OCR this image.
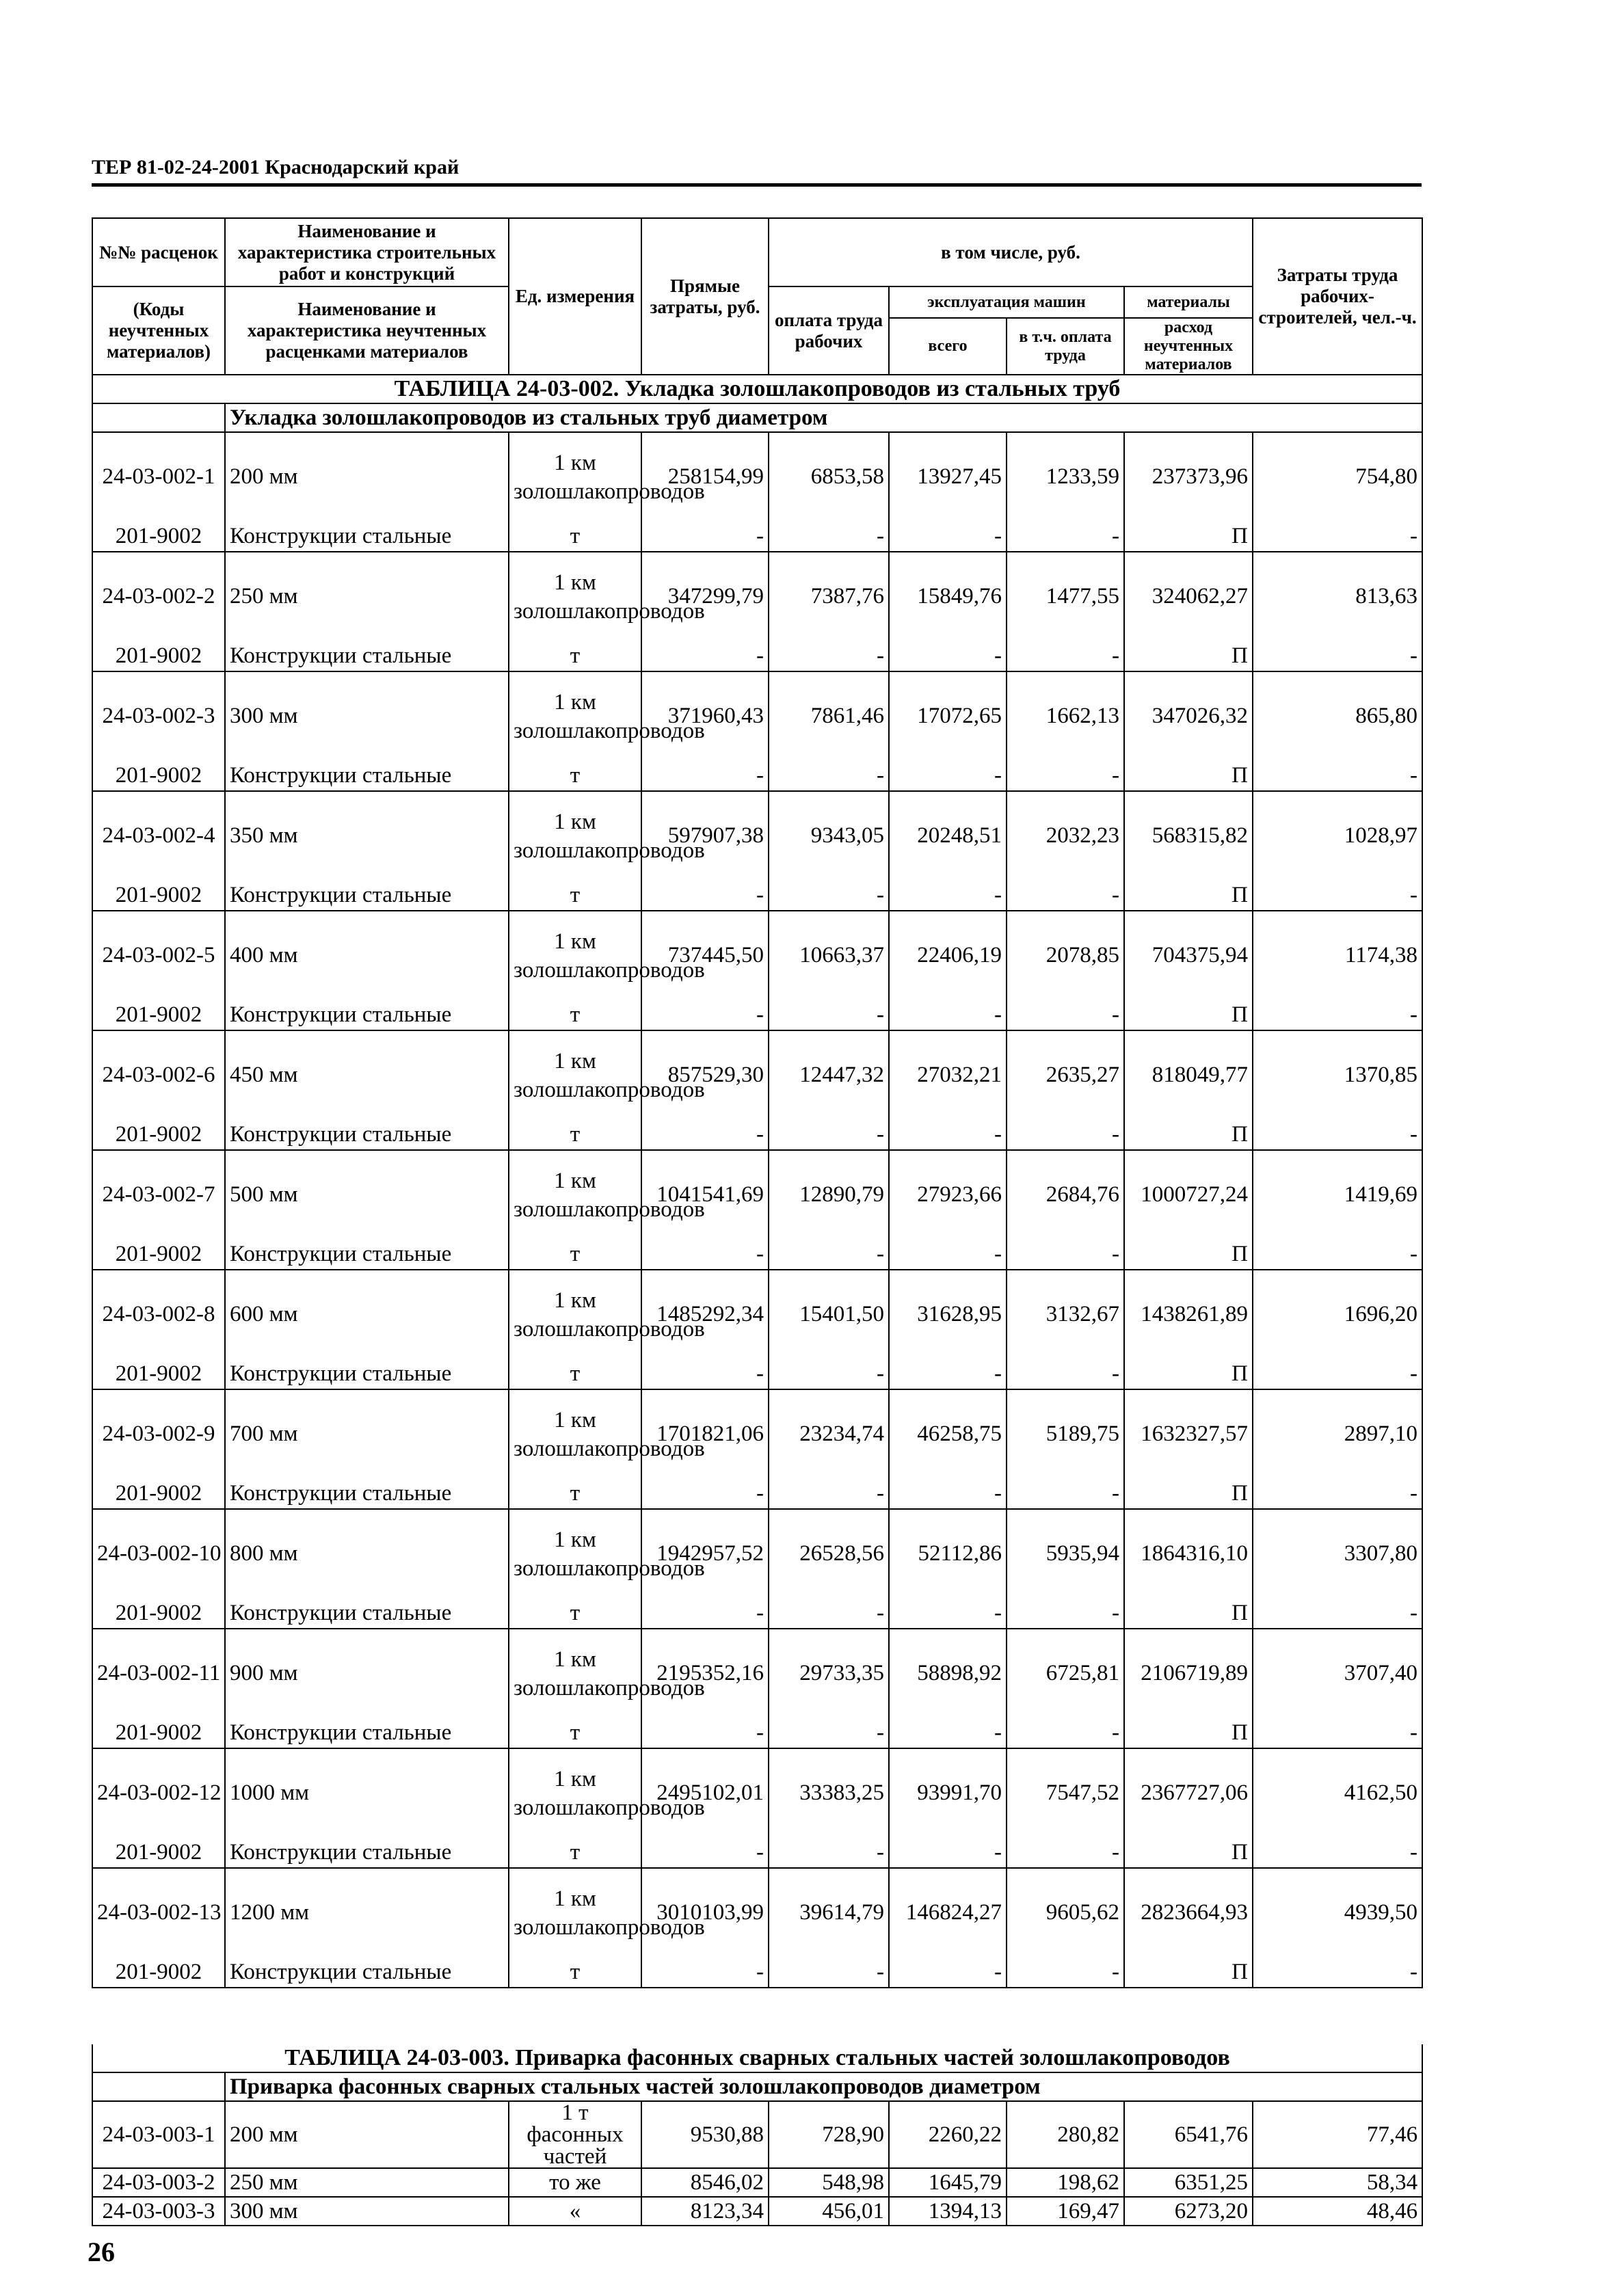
ТЕР 81-02-24-2001 Краснодарский край
№№ расценок	Наименование и характеристика строительных работ и конструкций	Ед. измерения	Прямые затраты, руб.	в том числе, руб.				Затраты труда рабочих-строителей, чел.-ч.
(Коды неучтенных материалов)	Наименование и характеристика неучтенных расценками материалов			оплата труда рабочих	эксплуатация машин		материалы	
					всего	в т.ч. оплата труда	расход неучтенных материалов	
ТАБЛИЦА 24-03-002. Укладка золошлакопроводов из стальных труб								
	Укладка золошлакопроводов из стальных труб диаметром							
24-03-002-1	200 мм	1 км золошлакопроводов	258154,99	6853,58	13927,45	1233,59	237373,96	754,80
201-9002	Конструкции стальные	т	-	-	-	-	П	-
24-03-002-2	250 мм	1 км золошлакопроводов	347299,79	7387,76	15849,76	1477,55	324062,27	813,63
201-9002	Конструкции стальные	т	-	-	-	-	П	-
24-03-002-3	300 мм	1 км золошлакопроводов	371960,43	7861,46	17072,65	1662,13	347026,32	865,80
201-9002	Конструкции стальные	т	-	-	-	-	П	-
24-03-002-4	350 мм	1 км золошлакопроводов	597907,38	9343,05	20248,51	2032,23	568315,82	1028,97
201-9002	Конструкции стальные	т	-	-	-	-	П	-
24-03-002-5	400 мм	1 км золошлакопроводов	737445,50	10663,37	22406,19	2078,85	704375,94	1174,38
201-9002	Конструкции стальные	т	-	-	-	-	П	-
24-03-002-6	450 мм	1 км золошлакопроводов	857529,30	12447,32	27032,21	2635,27	818049,77	1370,85
201-9002	Конструкции стальные	т	-	-	-	-	П	-
24-03-002-7	500 мм	1 км золошлакопроводов	1041541,69	12890,79	27923,66	2684,76	1000727,24	1419,69
201-9002	Конструкции стальные	т	-	-	-	-	П	-
24-03-002-8	600 мм	1 км золошлакопроводов	1485292,34	15401,50	31628,95	3132,67	1438261,89	1696,20
201-9002	Конструкции стальные	т	-	-	-	-	П	-
24-03-002-9	700 мм	1 км золошлакопроводов	1701821,06	23234,74	46258,75	5189,75	1632327,57	2897,10
201-9002	Конструкции стальные	т	-	-	-	-	П	-
24-03-002-10	800 мм	1 км золошлакопроводов	1942957,52	26528,56	52112,86	5935,94	1864316,10	3307,80
201-9002	Конструкции стальные	т	-	-	-	-	П	-
24-03-002-11	900 мм	1 км золошлакопроводов	2195352,16	29733,35	58898,92	6725,81	2106719,89	3707,40
201-9002	Конструкции стальные	т	-	-	-	-	П	-
24-03-002-12	1000 мм	1 км золошлакопроводов	2495102,01	33383,25	93991,70	7547,52	2367727,06	4162,50
201-9002	Конструкции стальные	т	-	-	-	-	П	-
24-03-002-13	1200 мм	1 км золошлакопроводов	3010103,99	39614,79	146824,27	9605,62	2823664,93	4939,50
201-9002	Конструкции стальные	т	-	-	-	-	П	-
ТАБЛИЦА 24-03-003. Приварка фасонных сварных стальных частей золошлакопроводов								
	Приварка фасонных сварных стальных частей золошлакопроводов диаметром							
24-03-003-1	200 мм	1 т фасонных частей	9530,88	728,90	2260,22	280,82	6541,76	77,46
24-03-003-2	250 мм	то же	8546,02	548,98	1645,79	198,62	6351,25	58,34
24-03-003-3	300 мм	«	8123,34	456,01	1394,13	169,47	6273,20	48,46
26
